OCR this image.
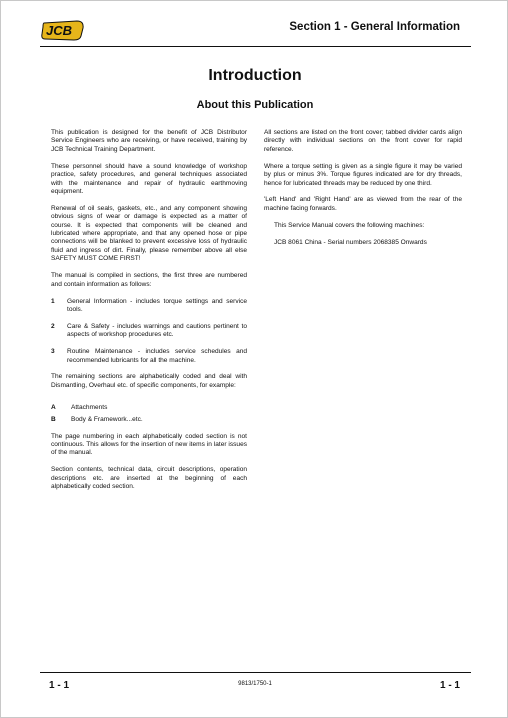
JCB	Section 1 - General Information
Introduction
About this Publication

This publication is designed for the benefit of JCB Distributor Service Engineers who are receiving, or have received, training by JCB Technical Training Department.

These personnel should have a sound knowledge of workshop practice, safety procedures, and general techniques associated with the maintenance and repair of hydraulic earthmoving equipment.

Renewal of oil seals, gaskets, etc., and any component showing obvious signs of wear or damage is expected as a matter of course. It is expected that components will be cleaned and lubricated where appropriate, and that any opened hose or pipe connections will be blanked to prevent excessive loss of hydraulic fluid and ingress of dirt. Finally, please remember above all else SAFETY MUST COME FIRST!

The manual is compiled in sections, the first three are numbered and contain information as follows:

1	General Information - includes torque settings and service tools.
2	Care & Safety - includes warnings and cautions pertinent to aspects of workshop procedures etc.
3	Routine Maintenance - includes service schedules and recommended lubricants for all the machine.

The remaining sections are alphabetically coded and deal with Dismantling, Overhaul etc. of specific components, for example:

A	Attachments
B	Body & Framework...etc.

The page numbering in each alphabetically coded section is not continuous. This allows for the insertion of new items in later issues of the manual.

Section contents, technical data, circuit descriptions, operation descriptions etc. are inserted at the beginning of each alphabetically coded section.

All sections are listed on the front cover; tabbed divider cards align directly with individual sections on the front cover for rapid reference.

Where a torque setting is given as a single figure it may be varied by plus or minus 3%. Torque figures indicated are for dry threads, hence for lubricated threads may be reduced by one third.

'Left Hand' and 'Right Hand' are as viewed from the rear of the machine facing forwards.

This Service Manual covers the following machines:

JCB 8061 China - Serial numbers 2068385 Onwards

1 - 1	9813/1750-1	1 - 1
